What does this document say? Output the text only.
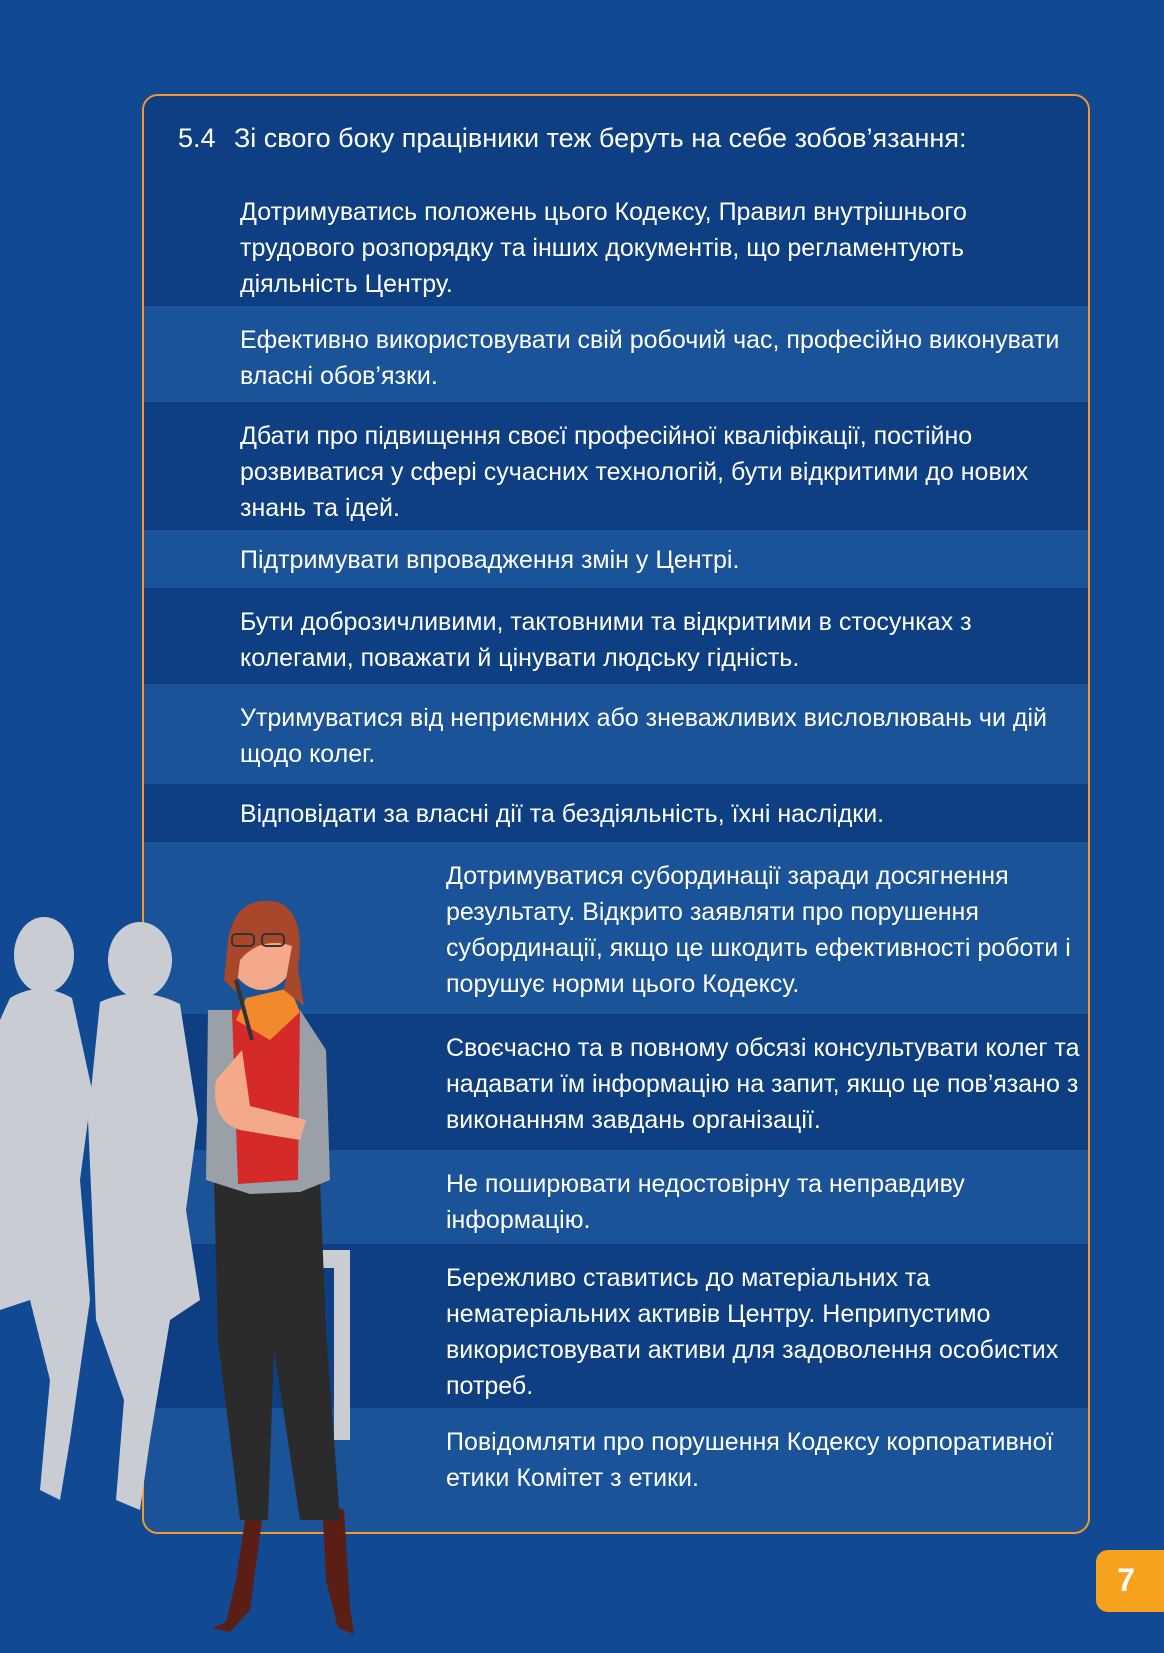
5.4 Зі свого боку працівники теж беруть на себе зобов’язання:
Дотримуватись положень цього Кодексу, Правил внутрішнього трудового розпорядку та інших документів, що регламентують діяльність Центру.
Ефективно використовувати свій робочий час, професійно виконувати власні обов’язки.
Дбати про підвищення своєї професійної кваліфікації, постійно розвиватися у сфері сучасних технологій, бути відкритими до нових знань та ідей.
Підтримувати впровадження змін у Центрі.
Бути доброзичливими, тактовними та відкритими в стосунках з колегами, поважати й цінувати людську гідність.
Утримуватися від неприємних або зневажливих висловлювань чи дій щодо колег.
Відповідати за власні дії та бездіяльність, їхні наслідки.
Дотримуватися субординації заради досягнення результату. Відкрито заявляти про порушення субординації, якщо це шкодить ефективності роботи і порушує норми цього Кодексу.
Своєчасно та в повному обсязі консультувати колег та надавати їм інформацію на запит, якщо це пов’язано з виконанням завдань організації.
Не поширювати недостовірну та неправдиву інформацію.
Бережливо ставитись до матеріальних та нематеріальних активів Центру. Неприпустимо використовувати активи для задоволення особистих потреб.
Повідомляти про порушення Кодексу корпоративної етики Комітет з етики.
7
